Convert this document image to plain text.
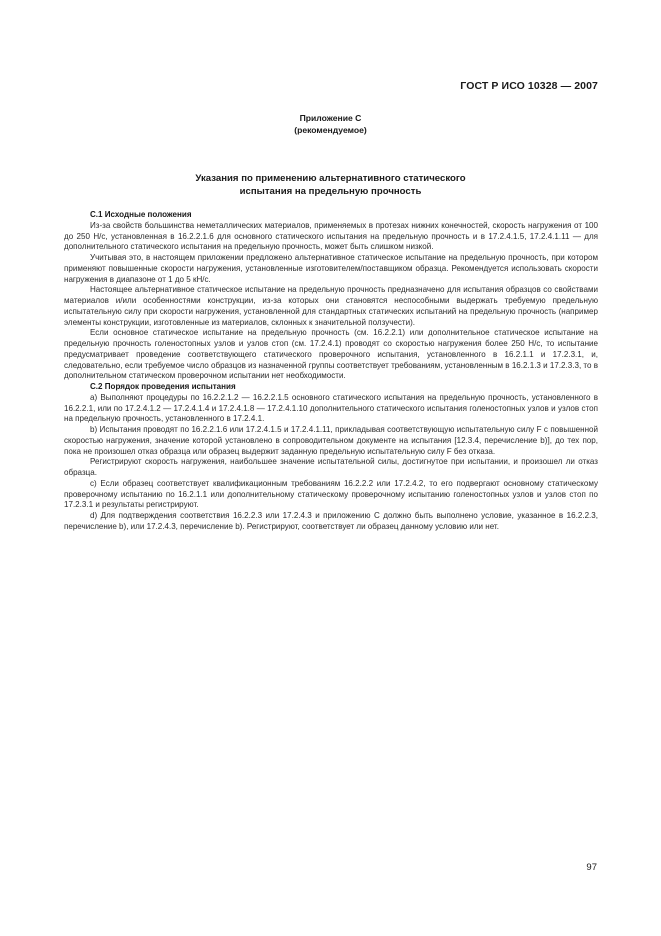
ГОСТ Р ИСО 10328 — 2007
Приложение С
(рекомендуемое)
Указания по применению альтернативного статического
испытания на предельную прочность

С.1 Исходные положения

Из-за свойств большинства неметаллических материалов, применяемых в протезах нижних конечностей, скорость нагружения от 100 до 250 Н/с, установленная в 16.2.2.1.6 для основного статического испытания на предельную прочность и в 17.2.4.1.5, 17.2.4.1.11 — для дополнительного статического испытания на предельную прочность, может быть слишком низкой.

Учитывая это, в настоящем приложении предложено альтернативное статическое испытание на предельную прочность, при котором применяют повышенные скорости нагружения, установленные изготовителем/поставщиком образца. Рекомендуется использовать скорости нагружения в диапазоне от 1 до 5 кН/с.

Настоящее альтернативное статическое испытание на предельную прочность предназначено для испытания образцов со свойствами материалов и/или особенностями конструкции, из-за которых они становятся неспособными выдержать требуемую предельную испытательную силу при скорости нагружения, установленной для стандартных статических испытаний на предельную прочность (например элементы конструкции, изготовленные из материалов, склонных к значительной ползучести).

Если основное статическое испытание на предельную прочность (см. 16.2.2.1) или дополнительное статическое испытание на предельную прочность голеностопных узлов и узлов стоп (см. 17.2.4.1) проводят со скоростью нагружения более 250 Н/с, то испытание предусматривает проведение соответствующего статического проверочного испытания, установленного в 16.2.1.1 и 17.2.3.1, и, следовательно, если требуемое число образцов из назначенной группы соответствует требованиям, установленным в 16.2.1.3 и 17.2.3.3, то в дополнительном статическом проверочном испытании нет необходимости.

С.2 Порядок проведения испытания

a) Выполняют процедуры по 16.2.2.1.2 — 16.2.2.1.5 основного статического испытания на предельную прочность, установленного в 16.2.2.1, или по 17.2.4.1.2 — 17.2.4.1.4 и 17.2.4.1.8 — 17.2.4.1.10 дополнительного статического испытания голеностопных узлов и узлов стоп на предельную прочность, установленного в 17.2.4.1.

b) Испытания проводят по 16.2.2.1.6 или 17.2.4.1.5 и 17.2.4.1.11, прикладывая соответствующую испытательную силу F с повышенной скоростью нагружения, значение которой установлено в сопроводительном документе на испытания [12.3.4, перечисление b)], до тех пор, пока не произошел отказ образца или образец выдержит заданную предельную испытательную силу F без отказа.

Регистрируют скорость нагружения, наибольшее значение испытательной силы, достигнутое при испытании, и произошел ли отказ образца.

c) Если образец соответствует квалификационным требованиям 16.2.2.2 или 17.2.4.2, то его подвергают основному статическому проверочному испытанию по 16.2.1.1 или дополнительному статическому проверочному испытанию голеностопных узлов и узлов стоп по 17.2.3.1 и результаты регистрируют.

d) Для подтверждения соответствия 16.2.2.3 или 17.2.4.3 и приложению С должно быть выполнено условие, указанное в 16.2.2.3, перечисление b), или 17.2.4.3, перечисление b). Регистрируют, соответствует ли образец данному условию или нет.

97
